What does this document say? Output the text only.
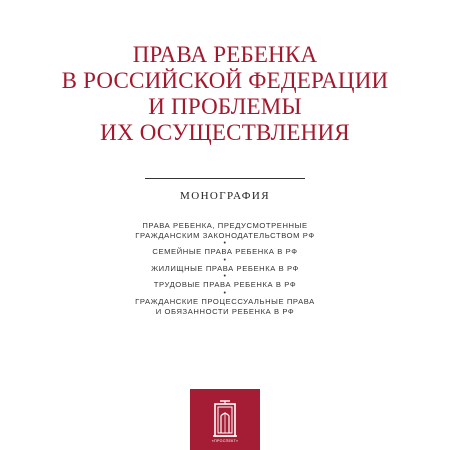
ПРАВА РЕБЕНКА
В РОССИЙСКОЙ ФЕДЕРАЦИИ
И ПРОБЛЕМЫ
ИХ ОСУЩЕСТВЛЕНИЯ
МОНОГРАФИЯ
ПРАВА РЕБЕНКА, ПРЕДУСМОТРЕННЫЕ
ГРАЖДАНСКИМ ЗАКОНОДАТЕЛЬСТВОМ РФ
•
СЕМЕЙНЫЕ ПРАВА РЕБЕНКА В РФ
•
ЖИЛИЩНЫЕ ПРАВА РЕБЕНКА В РФ
•
ТРУДОВЫЕ ПРАВА РЕБЕНКА В РФ
•
ГРАЖДАНСКИЕ ПРОЦЕССУАЛЬНЫЕ ПРАВА
И ОБЯЗАННОСТИ РЕБЕНКА В РФ
«ПРОСПЕКТ»
